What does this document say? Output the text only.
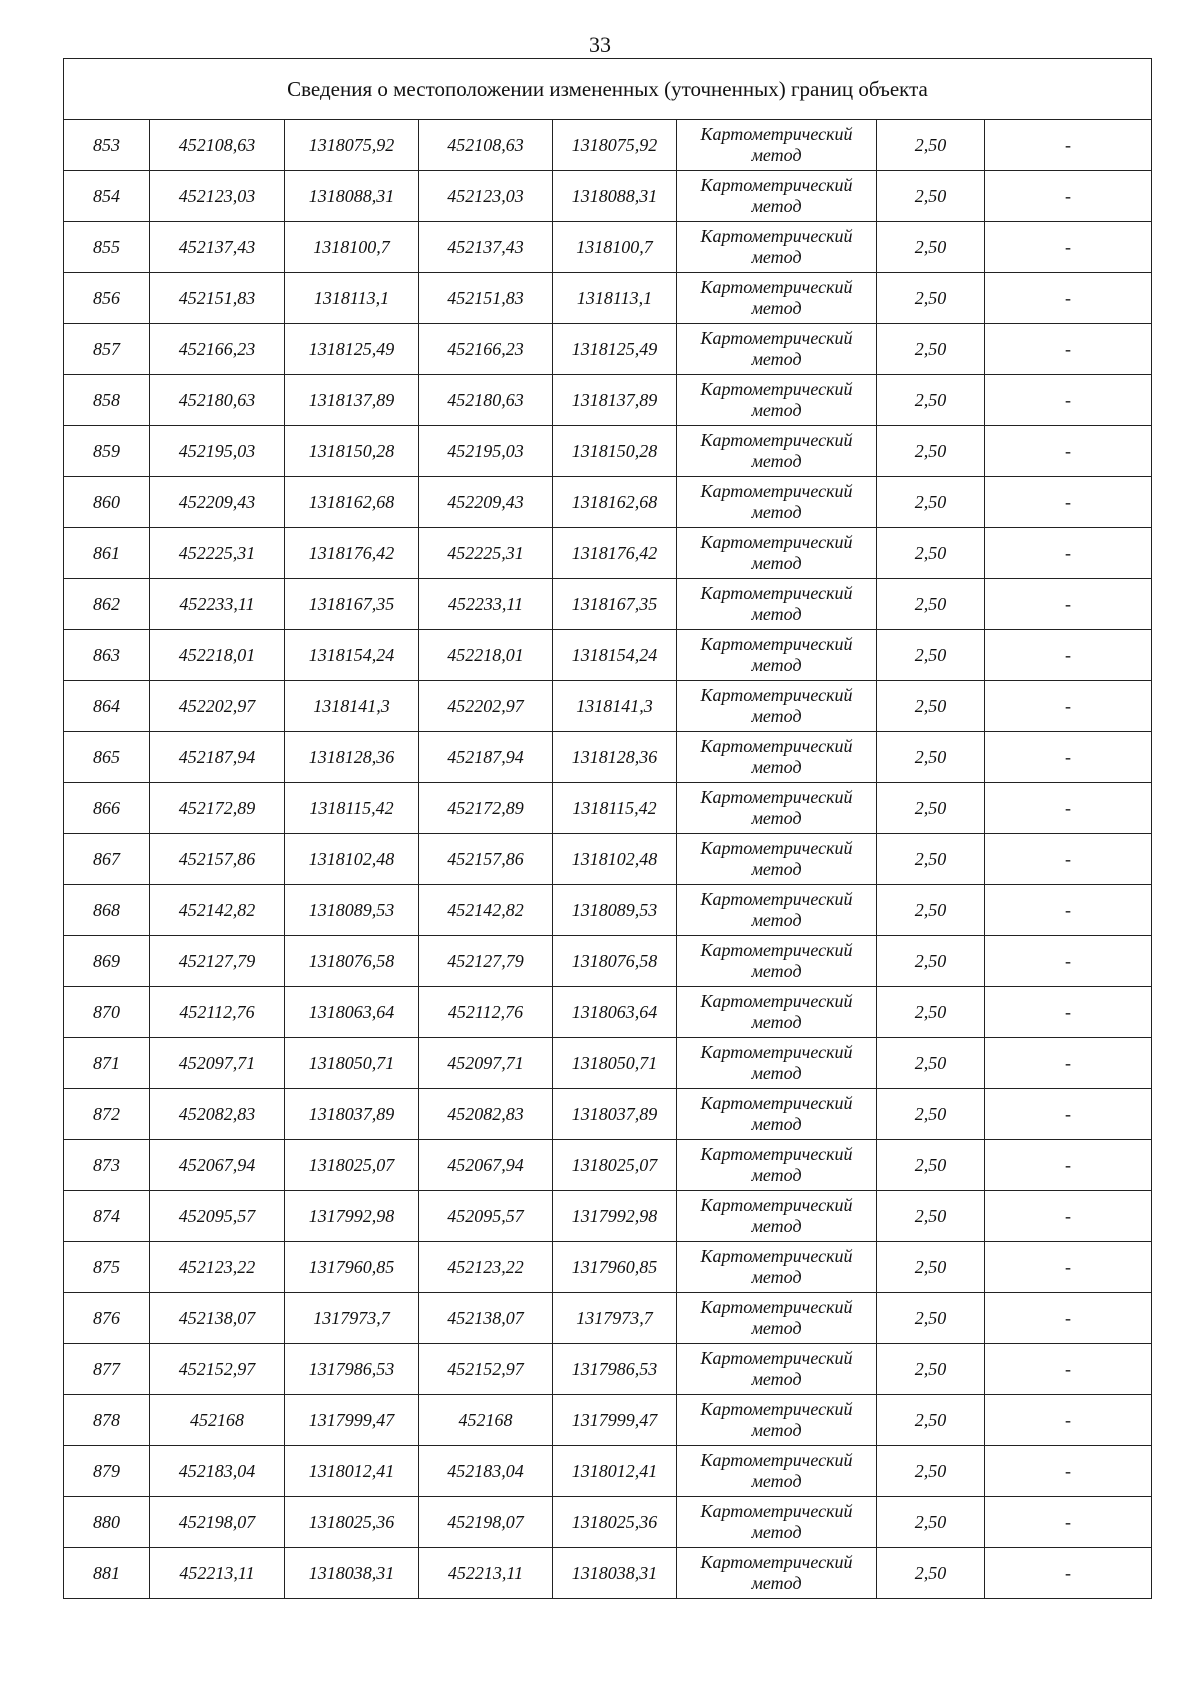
33
Сведения о местоположении измененных (уточненных) границ объекта							
853	452108,63	1318075,92	452108,63	1318075,92	Картометрический
метод	2,50	-
854	452123,03	1318088,31	452123,03	1318088,31	Картометрический
метод	2,50	-
855	452137,43	1318100,7	452137,43	1318100,7	Картометрический
метод	2,50	-
856	452151,83	1318113,1	452151,83	1318113,1	Картометрический
метод	2,50	-
857	452166,23	1318125,49	452166,23	1318125,49	Картометрический
метод	2,50	-
858	452180,63	1318137,89	452180,63	1318137,89	Картометрический
метод	2,50	-
859	452195,03	1318150,28	452195,03	1318150,28	Картометрический
метод	2,50	-
860	452209,43	1318162,68	452209,43	1318162,68	Картометрический
метод	2,50	-
861	452225,31	1318176,42	452225,31	1318176,42	Картометрический
метод	2,50	-
862	452233,11	1318167,35	452233,11	1318167,35	Картометрический
метод	2,50	-
863	452218,01	1318154,24	452218,01	1318154,24	Картометрический
метод	2,50	-
864	452202,97	1318141,3	452202,97	1318141,3	Картометрический
метод	2,50	-
865	452187,94	1318128,36	452187,94	1318128,36	Картометрический
метод	2,50	-
866	452172,89	1318115,42	452172,89	1318115,42	Картометрический
метод	2,50	-
867	452157,86	1318102,48	452157,86	1318102,48	Картометрический
метод	2,50	-
868	452142,82	1318089,53	452142,82	1318089,53	Картометрический
метод	2,50	-
869	452127,79	1318076,58	452127,79	1318076,58	Картометрический
метод	2,50	-
870	452112,76	1318063,64	452112,76	1318063,64	Картометрический
метод	2,50	-
871	452097,71	1318050,71	452097,71	1318050,71	Картометрический
метод	2,50	-
872	452082,83	1318037,89	452082,83	1318037,89	Картометрический
метод	2,50	-
873	452067,94	1318025,07	452067,94	1318025,07	Картометрический
метод	2,50	-
874	452095,57	1317992,98	452095,57	1317992,98	Картометрический
метод	2,50	-
875	452123,22	1317960,85	452123,22	1317960,85	Картометрический
метод	2,50	-
876	452138,07	1317973,7	452138,07	1317973,7	Картометрический
метод	2,50	-
877	452152,97	1317986,53	452152,97	1317986,53	Картометрический
метод	2,50	-
878	452168	1317999,47	452168	1317999,47	Картометрический
метод	2,50	-
879	452183,04	1318012,41	452183,04	1318012,41	Картометрический
метод	2,50	-
880	452198,07	1318025,36	452198,07	1318025,36	Картометрический
метод	2,50	-
881	452213,11	1318038,31	452213,11	1318038,31	Картометрический
метод	2,50	-
